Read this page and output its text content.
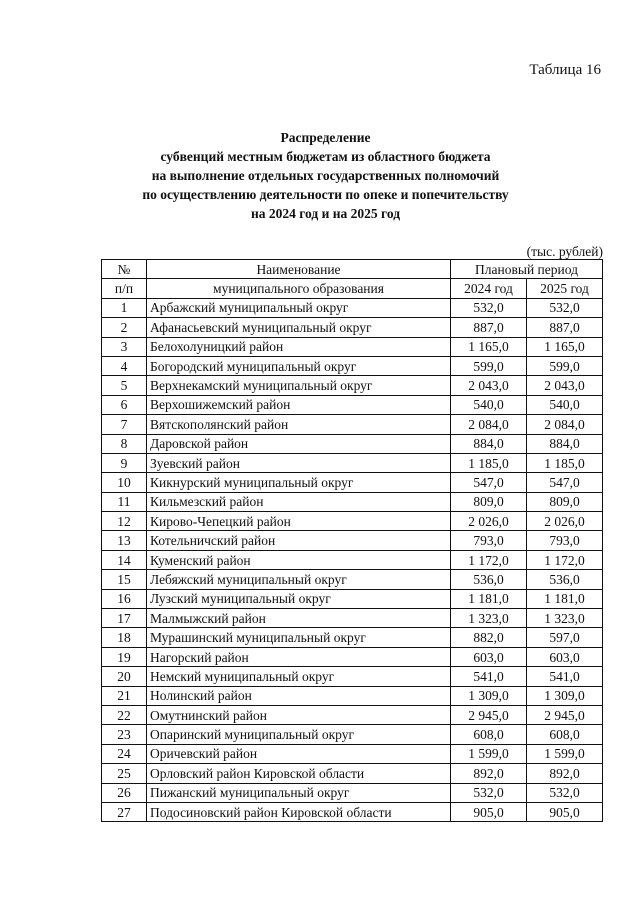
Таблица 16
Распределение
субвенций местным бюджетам из областного бюджета
на выполнение отдельных государственных полномочий
по осуществлению деятельности по опеке и попечительству
на 2024 год и на 2025 год
(тыс. рублей)
№	Наименование	Плановый период	
п/п	муниципального образования	2024 год	2025 год
1	Арбажский муниципальный округ	532,0	532,0
2	Афанасьевский муниципальный округ	887,0	887,0
3	Белохолуницкий район	1 165,0	1 165,0
4	Богородский муниципальный округ	599,0	599,0
5	Верхнекамский муниципальный округ	2 043,0	2 043,0
6	Верхошижемский район	540,0	540,0
7	Вятскополянский район	2 084,0	2 084,0
8	Даровской район	884,0	884,0
9	Зуевский район	1 185,0	1 185,0
10	Кикнурский муниципальный округ	547,0	547,0
11	Кильмезский район	809,0	809,0
12	Кирово-Чепецкий район	2 026,0	2 026,0
13	Котельничский район	793,0	793,0
14	Куменский район	1 172,0	1 172,0
15	Лебяжский муниципальный округ	536,0	536,0
16	Лузский муниципальный округ	1 181,0	1 181,0
17	Малмыжский район	1 323,0	1 323,0
18	Мурашинский муниципальный округ	882,0	597,0
19	Нагорский район	603,0	603,0
20	Немский муниципальный округ	541,0	541,0
21	Нолинский район	1 309,0	1 309,0
22	Омутнинский район	2 945,0	2 945,0
23	Опаринский муниципальный округ	608,0	608,0
24	Оричевский район	1 599,0	1 599,0
25	Орловский район Кировской области	892,0	892,0
26	Пижанский муниципальный округ	532,0	532,0
27	Подосиновский район Кировской области	905,0	905,0
